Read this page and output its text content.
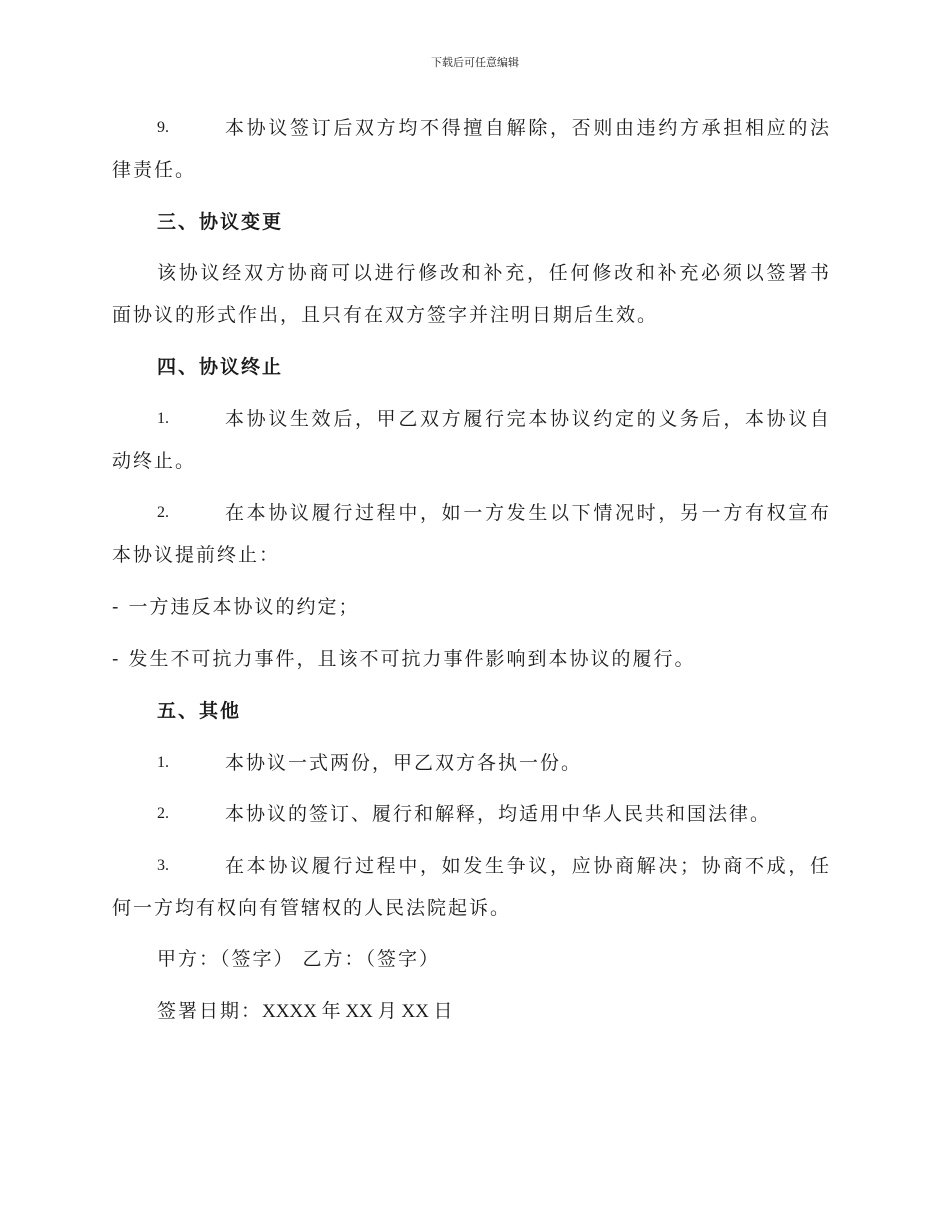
下载后可任意编辑
9.	本协议签订后双方均不得擅自解除，否则由违约方承担相应的法
律责任。
三、协议变更
该协议经双方协商可以进行修改和补充，任何修改和补充必须以签署书
面协议的形式作出，且只有在双方签字并注明日期后生效。
四、协议终止
1.	本协议生效后，甲乙双方履行完本协议约定的义务后，本协议自
动终止。
2.	在本协议履行过程中，如一方发生以下情况时，另一方有权宣布
本协议提前终止：
- 一方违反本协议的约定；
- 发生不可抗力事件，且该不可抗力事件影响到本协议的履行。
五、其他
1.	本协议一式两份，甲乙双方各执一份。
2.	本协议的签订、履行和解释，均适用中华人民共和国法律。
3.	在本协议履行过程中，如发生争议，应协商解决；协商不成，任
何一方均有权向有管辖权的人民法院起诉。
甲方：（签字） 乙方：（签字）
签署日期：XXXX 年 XX 月 XX 日
